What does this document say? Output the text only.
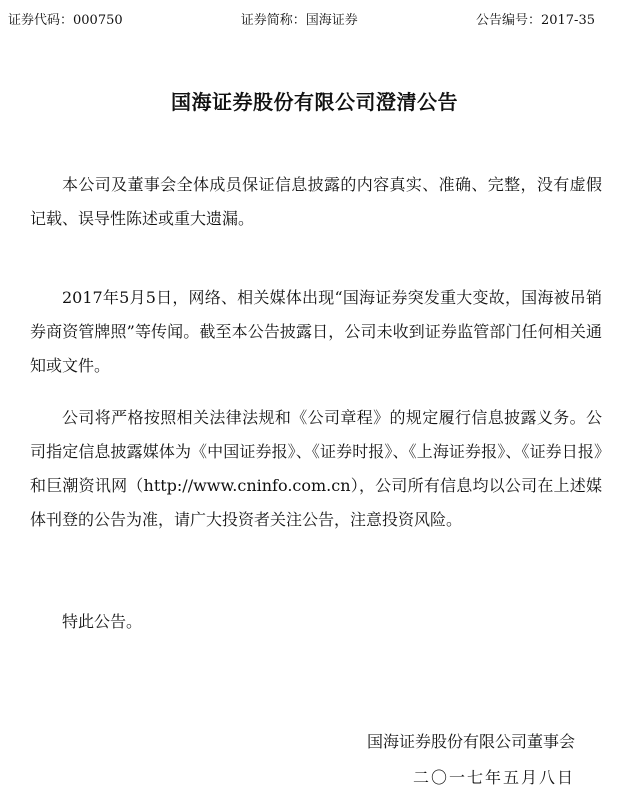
证券代码：000750	证券简称：国海证券	公告编号：2017-35
国海证券股份有限公司澄清公告

本公司及董事会全体成员保证信息披露的内容真实、准确、完整，没有虚假记载、误导性陈述或重大遗漏。

2017年5月5日，网络、相关媒体出现“国海证券突发重大变故，国海被吊销券商资管牌照”等传闻。截至本公告披露日，公司未收到证券监管部门任何相关通知或文件。

公司将严格按照相关法律法规和《公司章程》的规定履行信息披露义务。公司指定信息披露媒体为《中国证券报》、《证券时报》、《上海证券报》、《证券日报》和巨潮资讯网（http://www.cninfo.com.cn），公司所有信息均以公司在上述媒体刊登的公告为准，请广大投资者关注公告，注意投资风险。

特此公告。

国海证券股份有限公司董事会
二〇一七年五月八日
